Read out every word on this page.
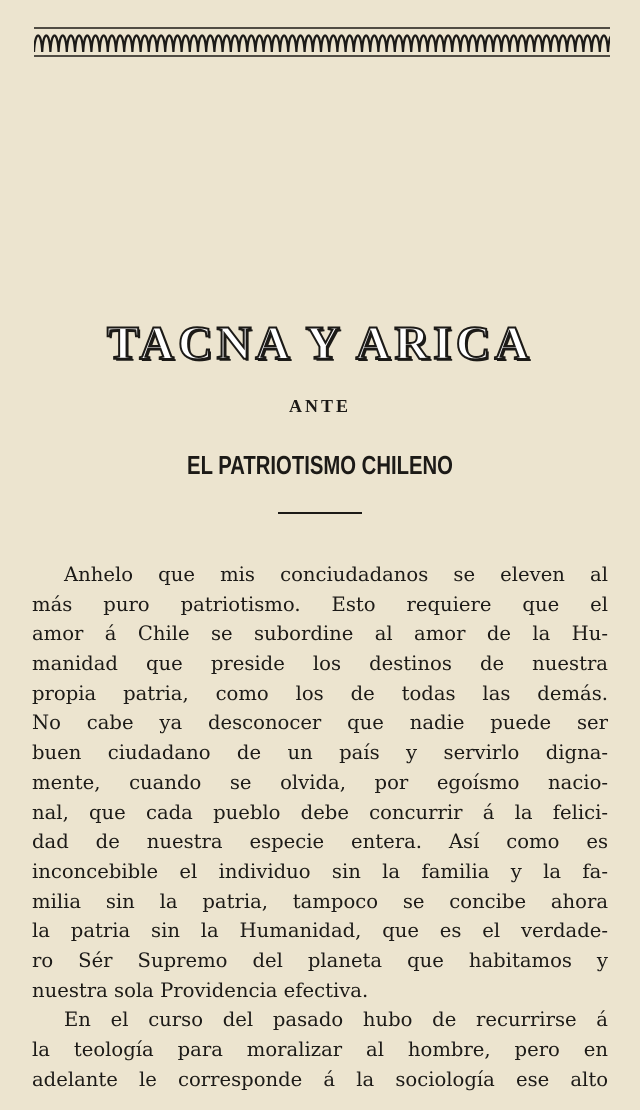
TACNA Y ARICA
ANTE
EL PATRIOTISMO CHILENO
Anhelo que mis conciudadanos se eleven al
más puro patriotismo. Esto requiere que el
amor á Chile se subordine al amor de la Hu-
manidad que preside los destinos de nuestra
propia patria, como los de todas las demás.
No cabe ya desconocer que nadie puede ser
buen ciudadano de un país y servirlo digna-
mente, cuando se olvida, por egoísmo nacio-
nal, que cada pueblo debe concurrir á la felici-
dad de nuestra especie entera. Así como es
inconcebible el individuo sin la familia y la fa-
milia sin la patria, tampoco se concibe ahora
la patria sin la Humanidad, que es el verdade-
ro Sér Supremo del planeta que habitamos y
nuestra sola Providencia efectiva.
En el curso del pasado hubo de recurrirse á
la teología para moralizar al hombre, pero en
adelante le corresponde á la sociología ese alto
